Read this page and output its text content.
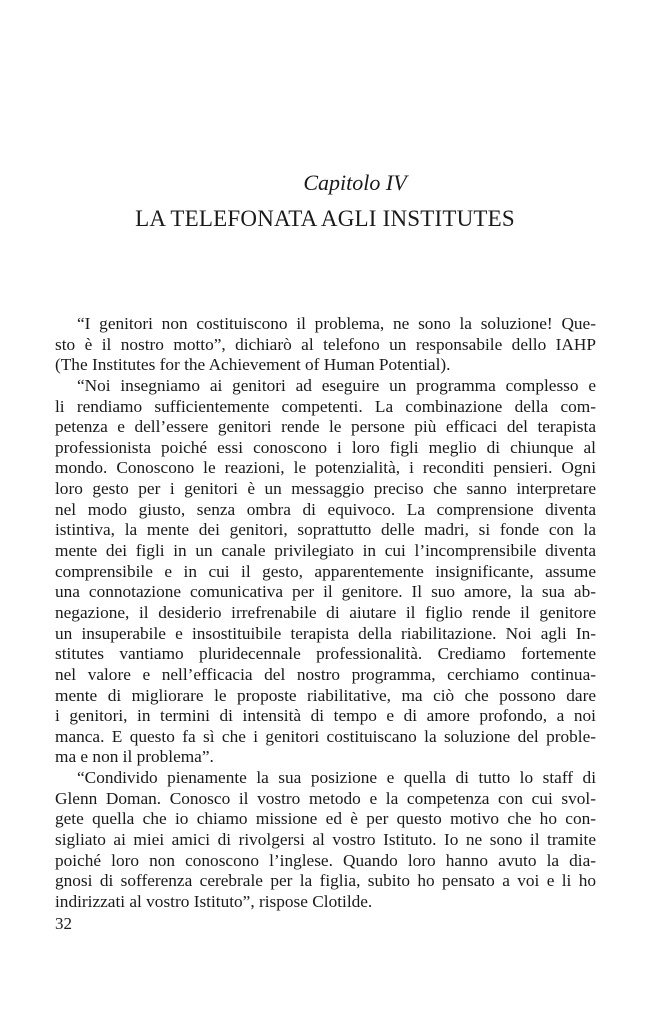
Capitolo IV
LA TELEFONATA AGLI INSTITUTES
“I genitori non costituiscono il problema, ne sono la soluzione! Que-
sto è il nostro motto”, dichiarò al telefono un responsabile dello IAHP
(The Institutes for the Achievement of Human Potential).
“Noi insegniamo ai genitori ad eseguire un programma complesso e
li rendiamo sufficientemente competenti. La combinazione della com-
petenza e dell’essere genitori rende le persone più efficaci del terapista
professionista poiché essi conoscono i loro figli meglio di chiunque al
mondo. Conoscono le reazioni, le potenzialità, i reconditi pensieri. Ogni
loro gesto per i genitori è un messaggio preciso che sanno interpretare
nel modo giusto, senza ombra di equivoco. La comprensione diventa
istintiva, la mente dei genitori, soprattutto delle madri, si fonde con la
mente dei figli in un canale privilegiato in cui l’incomprensibile diventa
comprensibile e in cui il gesto, apparentemente insignificante, assume
una connotazione comunicativa per il genitore. Il suo amore, la sua ab-
negazione, il desiderio irrefrenabile di aiutare il figlio rende il genitore
un insuperabile e insostituibile terapista della riabilitazione. Noi agli In-
stitutes vantiamo pluridecennale professionalità. Crediamo fortemente
nel valore e nell’efficacia del nostro programma, cerchiamo continua-
mente di migliorare le proposte riabilitative, ma ciò che possono dare
i genitori, in termini di intensità di tempo e di amore profondo, a noi
manca. E questo fa sì che i genitori costituiscano la soluzione del proble-
ma e non il problema”.
“Condivido pienamente la sua posizione e quella di tutto lo staff di
Glenn Doman. Conosco il vostro metodo e la competenza con cui svol-
gete quella che io chiamo missione ed è per questo motivo che ho con-
sigliato ai miei amici di rivolgersi al vostro Istituto. Io ne sono il tramite
poiché loro non conoscono l’inglese. Quando loro hanno avuto la dia-
gnosi di sofferenza cerebrale per la figlia, subito ho pensato a voi e li ho
indirizzati al vostro Istituto”, rispose Clotilde.
32
